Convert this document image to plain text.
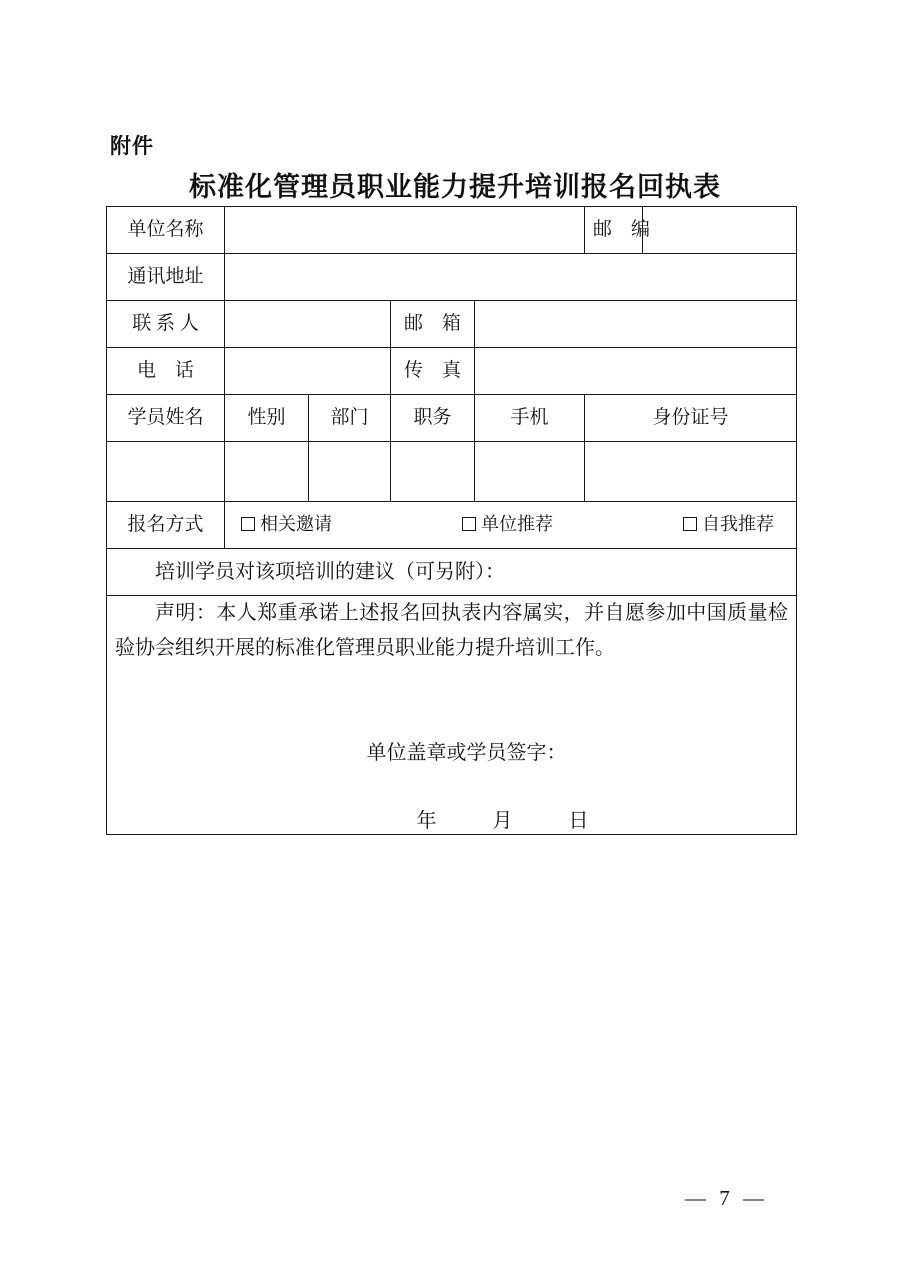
附件
标准化管理员职业能力提升培训报名回执表
单位名称					邮　编	
通讯地址						
联 系 人			邮　箱			
电　话			传　真			
学员姓名	性别	部门	职务	手机	身份证号	

报名方式	相关邀请 单位推荐 自我推荐					

培训学员对该项培训的建议（可另附）：						

声明：本人郑重承诺上述报名回执表内容属实，并自愿参加中国质量检验协会组织开展的标准化管理员职业能力提升培训工作。
单位盖章或学员签字：
年　月　日						
— 7 —
